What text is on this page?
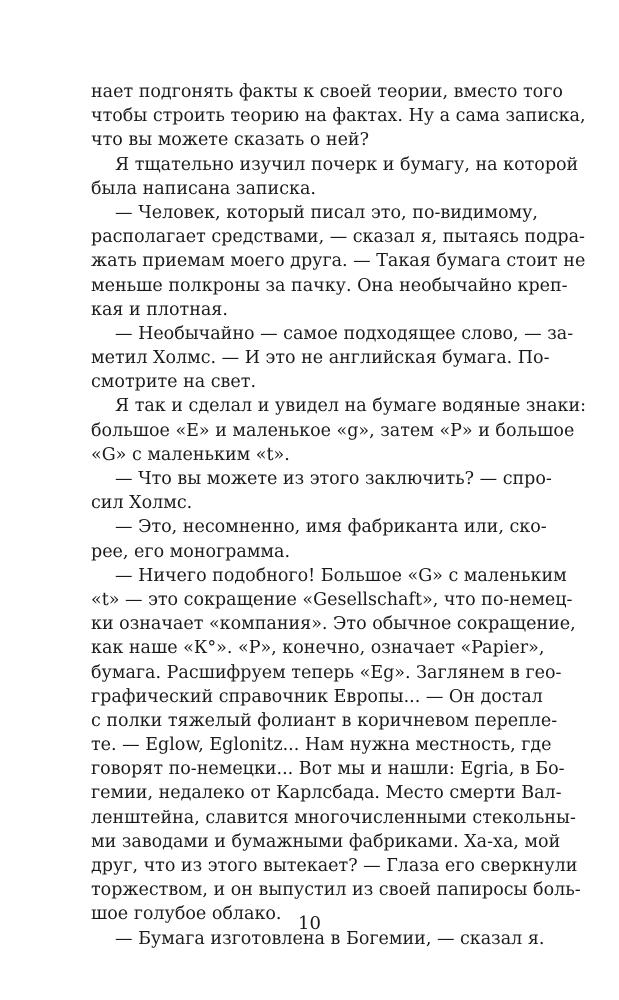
нает подгонять факты к своей теории, вместо того
чтобы строить теорию на фактах. Ну а сама записка,
что вы можете сказать о ней?
Я тщательно изучил почерк и бумагу, на которой
была написана записка.
— Человек, который писал это, по-видимому,
располагает средствами, — сказал я, пытаясь подра-
жать приемам моего друга. — Такая бумага стоит не
меньше полкроны за пачку. Она необычайно креп-
кая и плотная.
— Необычайно — самое подходящее слово, — за-
метил Холмс. — И это не английская бумага. По-
смотрите на свет.
Я так и сделал и увидел на бумаге водяные знаки:
большое «E» и маленькое «g», затем «P» и большое
«G» с маленьким «t».
— Что вы можете из этого заключить? — спро-
сил Холмс.
— Это, несомненно, имя фабриканта или, ско-
рее, его монограмма.
— Ничего подобного! Большое «G» с маленьким
«t» — это сокращение «Gesellschaft», что по-немец-
ки означает «компания». Это обычное сокращение,
как наше «К°». «P», конечно, означает «Papier»,
бумага. Расшифруем теперь «Eg». Заглянем в гео-
графический справочник Европы... — Он достал
с полки тяжелый фолиант в коричневом переплe-
те. — Eglow, Eglonitz... Нам нужна местность, где
говорят по-немецки... Вот мы и нашли: Egria, в Бо-
гемии, недалеко от Карлсбада. Место смерти Вал-
ленштейна, славится многочисленными стекольны-
ми заводами и бумажными фабриками. Ха-ха, мой
друг, что из этого вытекает? — Глаза его сверкнули
торжеством, и он выпустил из своей папиросы боль-
шое голубое облако.
— Бумага изготовлена в Богемии, — сказал я.
10
